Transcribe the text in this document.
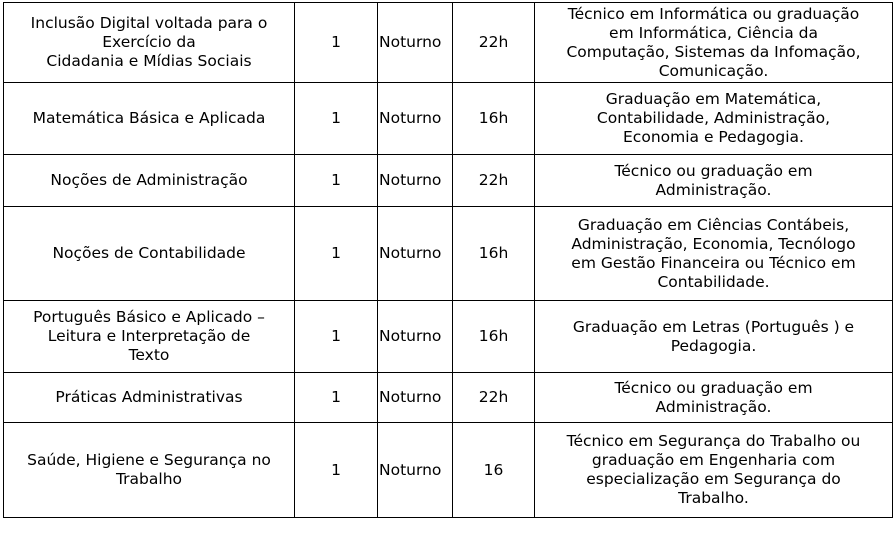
Inclusão Digital voltada para o
Exercício da
Cidadania e Mídias Sociais	1	Noturno	22h	Técnico em Informática ou graduação
em Informática, Ciência da
Computação, Sistemas da Infomação,
Comunicação.

Matemática Básica e Aplicada	1	Noturno	16h	Graduação em Matemática,
Contabilidade, Administração,
Economia e Pedagogia.

Noções de Administração	1	Noturno	22h	Técnico ou graduação em
Administração.

Noções de Contabilidade	1	Noturno	16h	Graduação em Ciências Contábeis,
Administração, Economia, Tecnólogo
em Gestão Financeira ou Técnico em
Contabilidade.

Português Básico e Aplicado –
Leitura e Interpretação de
Texto	1	Noturno	16h	Graduação em Letras (Português ) e
Pedagogia.

Práticas Administrativas	1	Noturno	22h	Técnico ou graduação em
Administração.

Saúde, Higiene e Segurança no
Trabalho	1	Noturno	16	Técnico em Segurança do Trabalho ou
graduação em Engenharia com
especialização em Segurança do
Trabalho.
